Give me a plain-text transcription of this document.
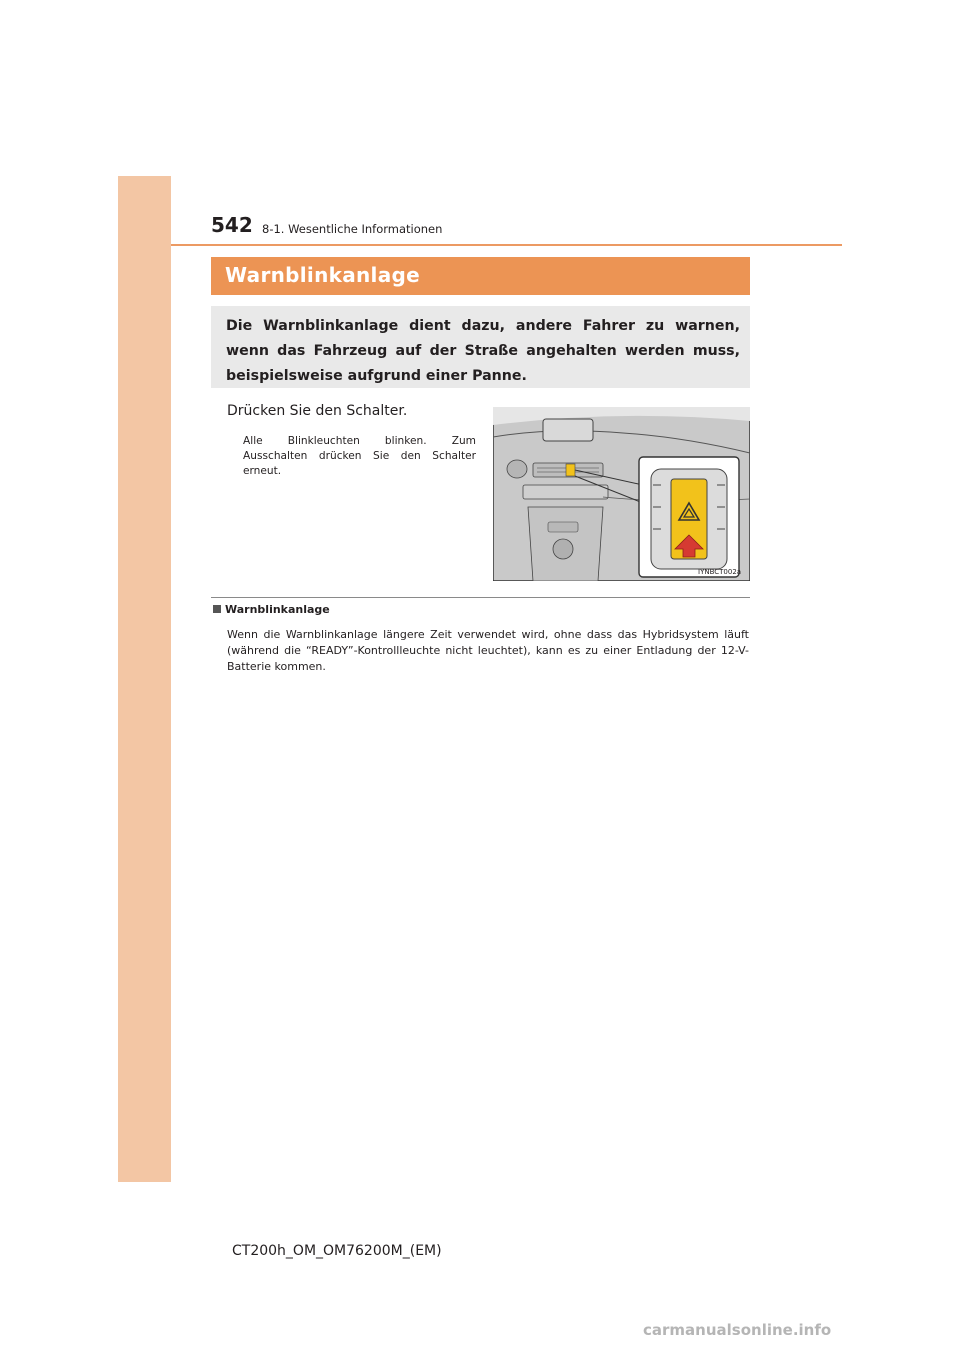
542 8-1. Wesentliche Informationen
Warnblinkanlage
Die Warnblinkanlage dient dazu, andere Fahrer zu warnen, wenn das Fahrzeug auf der Straße angehalten werden muss, beispielsweise aufgrund einer Panne.
Drücken Sie den Schalter.
Alle Blinkleuchten blinken. Zum Ausschalten drücken Sie den Schalter erneut.
IYNBCT002a
Warnblinkanlage
Wenn die Warnblinkanlage längere Zeit verwendet wird, ohne dass das Hybridsystem läuft (während die “READY”-Kontrollleuchte nicht leuchtet), kann es zu einer Entladung der 12-V-Batterie kommen.
CT200h_OM_OM76200M_(EM)
carmanualsonline.info
